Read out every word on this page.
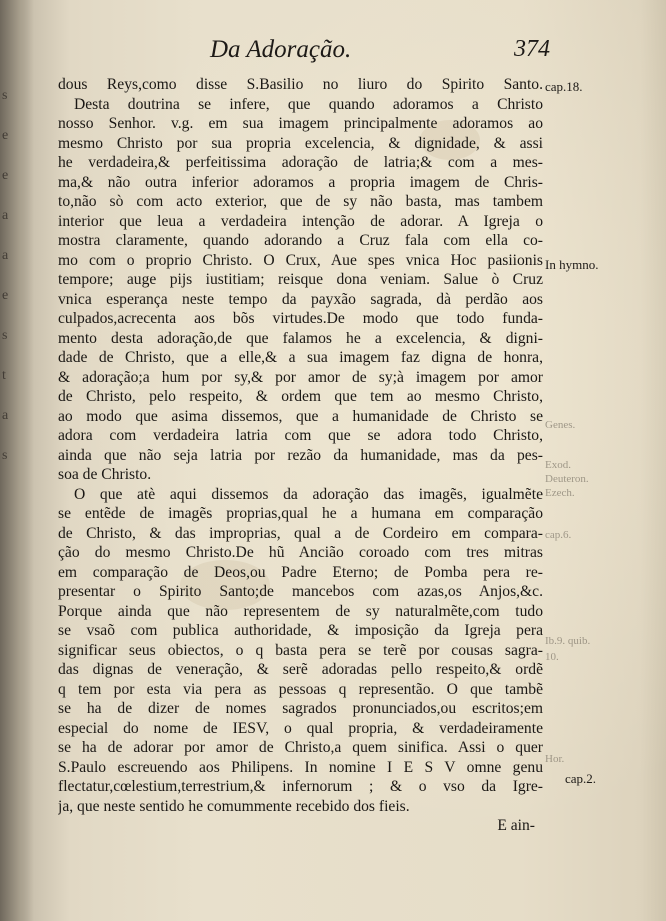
s
e
e
a
a
e
s
t
a
s
Da Adoração.	374
dous Reys,como disse S.Basilio no liuro do Spirito Santo.
Desta doutrina se infere, que quando adoramos a Christo
nosso Senhor. v.g. em sua imagem principalmente adoramos ao
mesmo Christo por sua propria excelencia, & dignidade, & assi
he verdadeira,& perfeitissima adoração de latria;& com a mes-
ma,& não outra inferior adoramos a propria imagem de Chris-
to,não sò com acto exterior, que de sy não basta, mas tambem
interior que leua a verdadeira intenção de adorar. A Igreja o
mostra claramente, quando adorando a Cruz fala com ella co-
mo com o proprio Christo. O Crux, Aue spes vnica Hoc pasiionis
tempore; auge pijs iustitiam; reisque dona veniam. Salue ò Cruz
vnica esperança neste tempo da payxão sagrada, dà perdão aos
culpados,acrecenta aos bõs virtudes.De modo que todo funda-
mento desta adoração,de que falamos he a excelencia, & digni-
dade de Christo, que a elle,& a sua imagem faz digna de honra,
& adoração;a hum por sy,& por amor de sy;à imagem por amor
de Christo, pelo respeito, & ordem que tem ao mesmo Christo,
ao modo que asima dissemos, que a humanidade de Christo se
adora com verdadeira latria com que se adora todo Christo,
ainda que não seja latria por rezão da humanidade, mas da pes-
soa de Christo.
O que atè aqui dissemos da adoração das imagẽs, igualmẽte
se entẽde de imagẽs proprias,qual he a humana em comparação
de Christo, & das improprias, qual a de Cordeiro em compara-
ção do mesmo Christo.De hũ Ancião coroado com tres mitras
em comparação de Deos,ou Padre Eterno; de Pomba pera re-
presentar o Spirito Santo;de mancebos com azas,os Anjos,&c.
Porque ainda que não representem de sy naturalmẽte,com tudo
se vsaõ com publica authoridade, & imposição da Igreja pera
significar seus obiectos, o q basta pera se terẽ por cousas sagra-
das dignas de veneração, & serẽ adoradas pello respeito,& ordẽ
q tem por esta via pera as pessoas q representão. O que tambẽ
se ha de dizer de nomes sagrados pronunciados,ou escritos;em
especial do nome de IESV, o qual propria, & verdadeiramente
se ha de adorar por amor de Christo,a quem sinifica. Assi o quer
S.Paulo escreuendo aos Philipens. In nomine I E S V omne genu
flectatur,cœlestium,terrestrium,& infernorum ; & o vso da Igre-
ja, que neste sentido he comummente recebido dos fieis.
E ain-
cap.18.
In hymno.
Genes.
Exod.
Deuteron.
Ezech.
cap.6.
Ib.9. quib.
10.
Hor.
cap.2.
